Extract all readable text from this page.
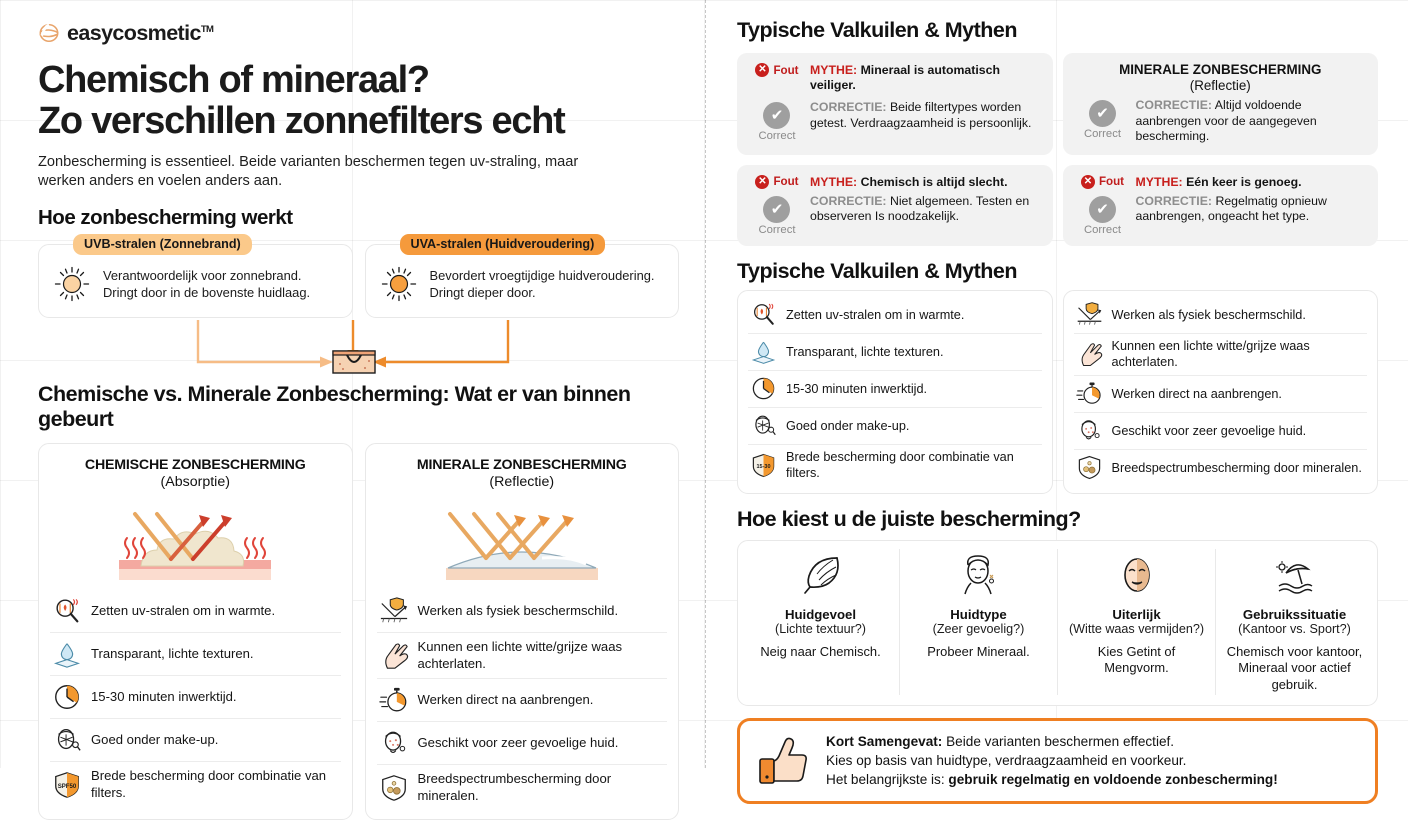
easycosmetic™
Chemisch of mineraal?
Zo verschillen zonnefilters echt

Zonbescherming is essentieel. Beide varianten beschermen tegen uv-straling, maar werken anders en voelen anders aan.

Hoe zonbescherming werkt
UVB-stralen (Zonnebrand)
Verantwoordelijk voor zonnebrand. Dringt door in de bovenste huidlaag.
UVA-stralen (Huidveroudering)
Bevordert vroegtijdige huidveroudering. Dringt dieper door.
Chemische vs. Minerale Zonbescherming: Wat er van binnen gebeurt
CHEMISCHE ZONBESCHERMING
(Absorptie)
Zetten uv-stralen om in warmte.
Transparant, lichte texturen.
15-30 minuten inwerktijd.
Goed onder make-up.
SPF50
Brede bescherming door combinatie van filters.
MINERALE ZONBESCHERMING
(Reflectie)
Werken als fysiek beschermschild.
Kunnen een lichte witte/grijze waas achterlaten.
Werken direct na aanbrengen.
Geschikt voor zeer gevoelige huid.
Breedspectrumbescherming door mineralen.
Typische Valkuilen & Mythen
✕ Fout MYTHE: Mineraal is automatisch veiliger.
✔
Correct
CORRECTIE: Beide filtertypes worden getest. Verdraagzaamheid is persoonlijk.
MINERALE ZONBESCHERMING
(Reflectie)
✔
Correct
CORRECTIE: Altijd voldoende aanbrengen voor de aangegeven bescherming.
✕ Fout MYTHE: Chemisch is altijd slecht.
✔
Correct
CORRECTIE: Niet algemeen. Testen en observeren Is noodzakelijk.
✕ Fout MYTHE: Eén keer is genoeg.
✔
Correct
CORRECTIE: Regelmatig opnieuw aanbrengen, ongeacht het type.
Typische Valkuilen & Mythen
Zetten uv-stralen om in warmte.
Transparant, lichte texturen.
15-30 minuten inwerktijd.
Goed onder make-up.
15-30
Brede bescherming door combinatie van filters.
Werken als fysiek beschermschild.
Kunnen een lichte witte/grijze waas achterlaten.
Werken direct na aanbrengen.
Geschikt voor zeer gevoelige huid.
Breedspectrumbescherming door mineralen.
Hoe kiest u de juiste bescherming?
Huidgevoel
(Lichte textuur?)
Neig naar Chemisch.
Huidtype
(Zeer gevoelig?)
Probeer Mineraal.
Uiterlijk
(Witte waas vermijden?)
Kies Getint of Mengvorm.
Gebruikssituatie
(Kantoor vs. Sport?)
Chemisch voor kantoor, Mineraal voor actief gebruik.
Kort Samengevat: Beide varianten beschermen effectief.
Kies op basis van huidtype, verdraagzaamheid en voorkeur.
Het belangrijkste is: gebruik regelmatig en voldoende zonbescherming!
